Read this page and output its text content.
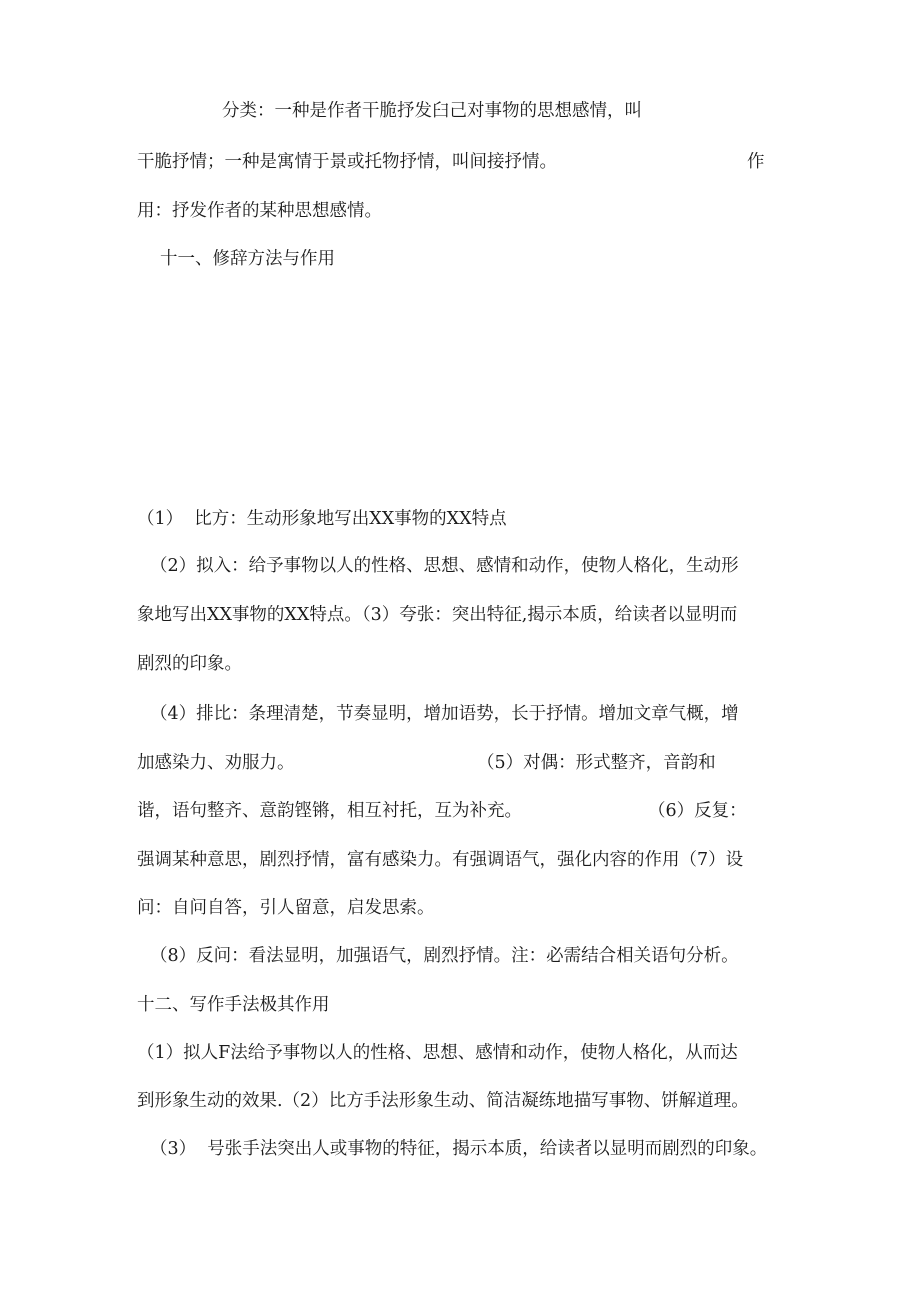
分类：一种是作者干脆抒发臼己对事物的思想感情，叫

干脆抒情；一种是寓情于景或托物抒情，叫间接抒情。	作

用：抒发作者的某种思想感情。

十一、修辞方法与作用

（1）  比方：生动形象地写出XX事物的XX特点

（2）拟入：给予事物以人的性格、思想、感情和动作，使物人格化，生动形

象地写出XX事物的XX特点。（3）夸张：突出特征,揭示本质，给读者以显明而

剧烈的印象。

（4）排比：条理清楚，节奏显明，增加语势，长于抒情。增加文章气概，增

加感染力、劝服力。	（5）对偶：形式整齐，音韵和

谐，语句整齐、意韵铿锵，相互衬托，互为补充。	（6）反复：

强调某种意思，剧烈抒情，富有感染力。有强调语气，强化内容的作用（7）设

问：自问自答，引人留意，启发思索。

（8）反问：看法显明，加强语气，剧烈抒情。注：必需结合相关语句分析。

十二、写作手法极其作用

（1）拟人F法给予事物以人的性格、思想、感情和动作，使物人格化，从而达

到形象生动的效果.（2）比方手法形象生动、简洁凝练地描写事物、饼解道理。

（3）  号张手法突出人或事物的特征，揭示本质，给读者以显明而剧烈的印象。
